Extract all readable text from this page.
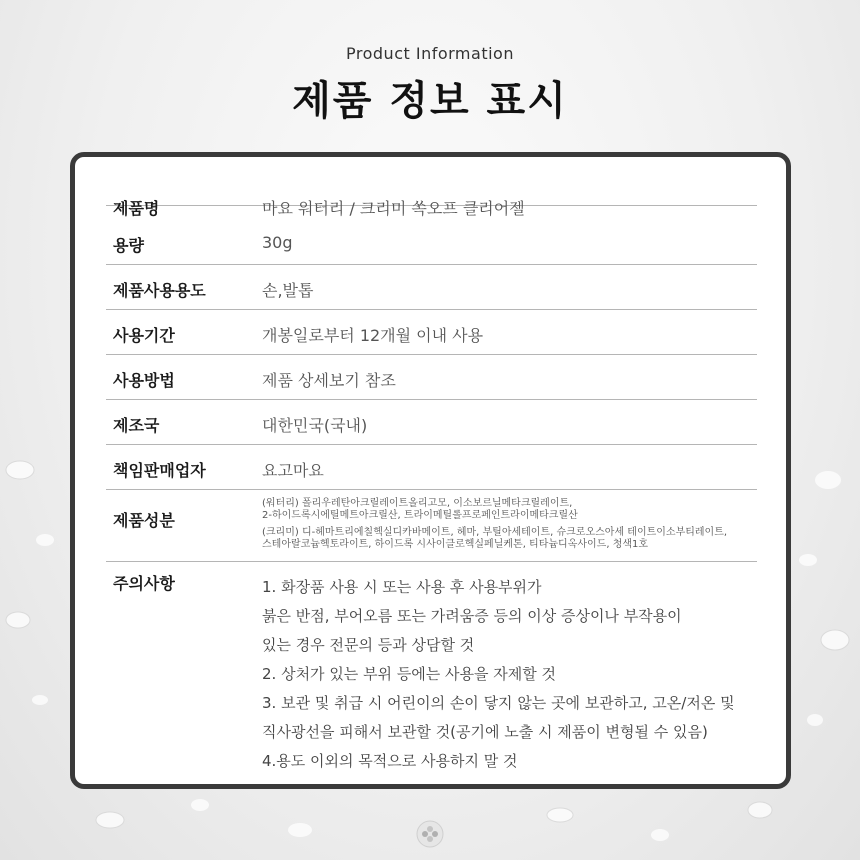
Product Information
제품 정보 표시
제품명	마요 워터리 / 크리미 쏙오프 클리어젤
용량	30g
제품사용용도	손,발톱
사용기간	개봉일로부터 12개월 이내 사용
사용방법	제품 상세보기 참조
제조국	대한민국(국내)
책임판매업자	요고마요
제품성분
(워터리) 폴리우레탄아크릴레이트올리고모, 이소보르닐메타크릴레이트,
2-하이드록시에틸메트아크릴산, 트라이메틸롤프로페인트라이메타크릴산
(크리미) 디-헤마트리에칠헥실디카바메이트, 헤마, 부틸아세테이트, 슈크로오스아세 테이트이소부티레이트,
스테아랄코늄헥토라이트, 하이드록 시사이클로헥실페닐케톤, 티타늄디옥사이드, 청색1호
주의사항	1. 화장품 사용 시 또는 사용 후 사용부위가
붉은 반점, 부어오름 또는 가려움증 등의 이상 증상이나 부작용이
있는 경우 전문의 등과 상담할 것
2. 상처가 있는 부위 등에는 사용을 자제할 것
3. 보관 및 취급 시 어린이의 손이 닿지 않는 곳에 보관하고, 고온/저온 및
직사광선을 피해서 보관할 것(공기에 노출 시 제품이 변형될 수 있음)
4.용도 이외의 목적으로 사용하지 말 것
